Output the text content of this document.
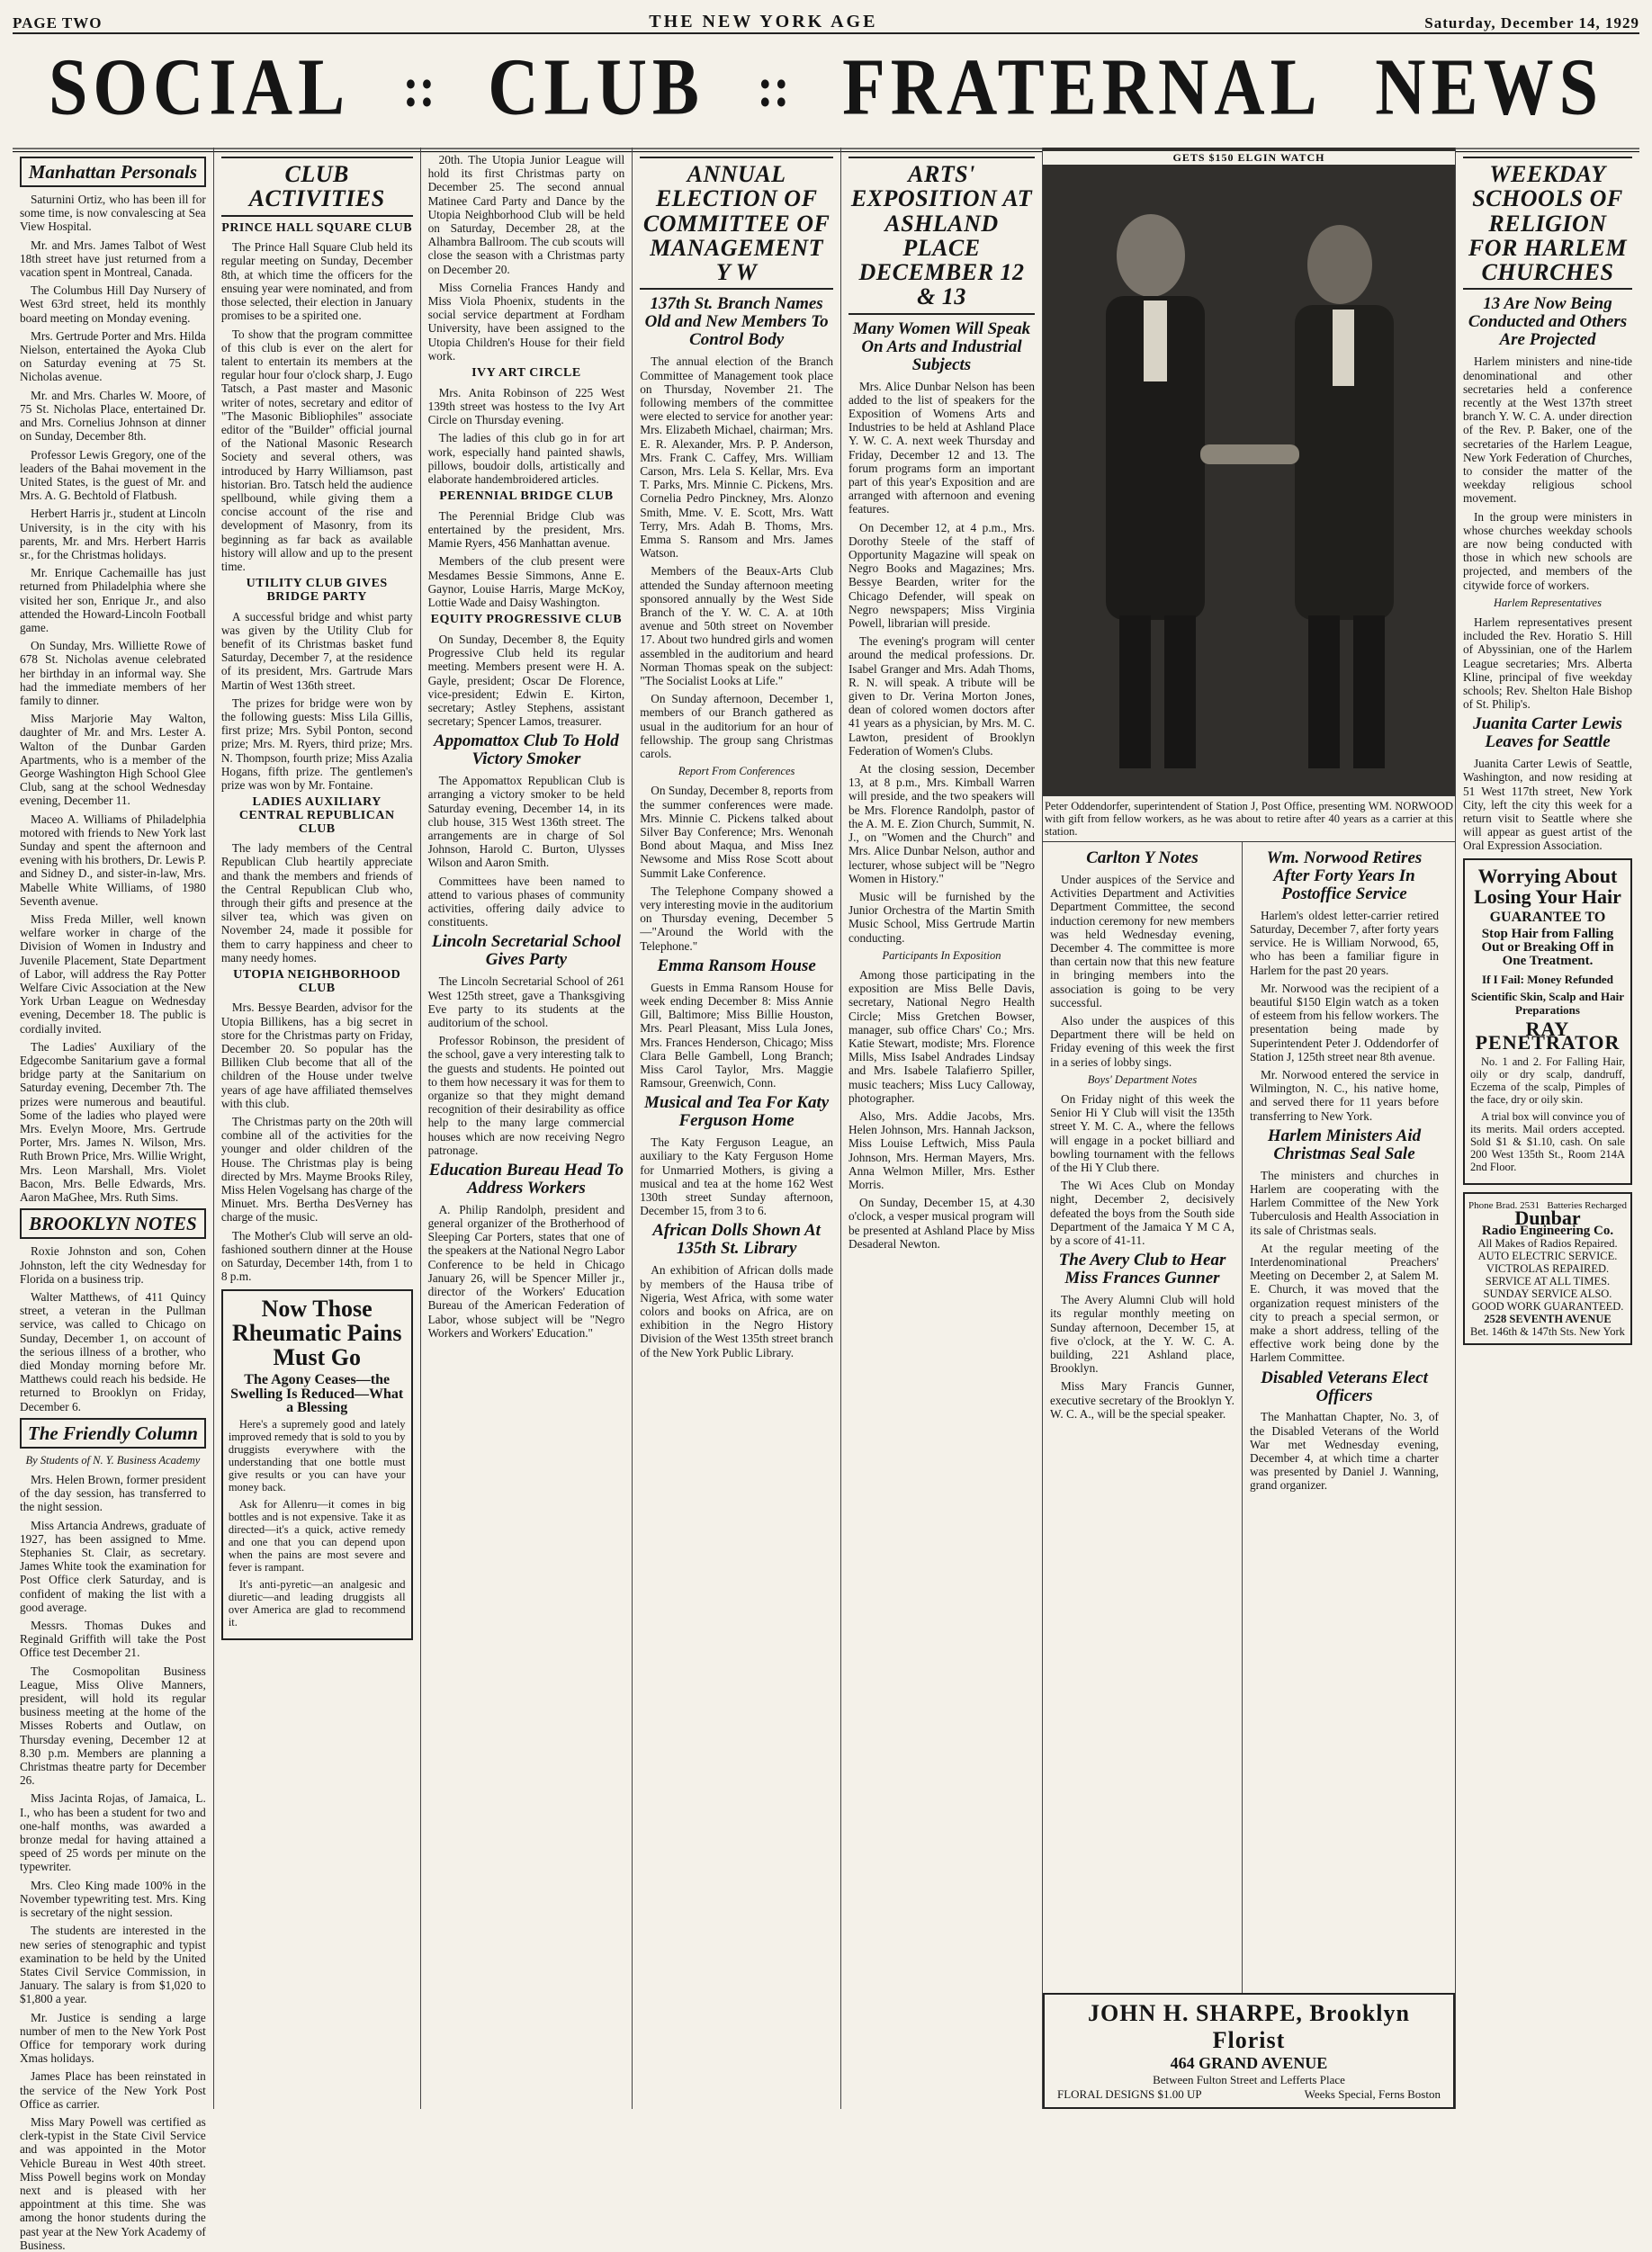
PAGE TWO	THE NEW YORK AGE	Saturday, December 14, 1929
SOCIAL :: CLUB :: FRATERNAL NEWS
Manhattan Personals

Saturnini Ortiz, who has been ill for some time, is now convalescing at Sea View Hospital.

Mr. and Mrs. James Talbot of West 18th street have just returned from a vacation spent in Montreal, Canada.

The Columbus Hill Day Nursery of West 63rd street, held its monthly board meeting on Monday evening.

Mrs. Gertrude Porter and Mrs. Hilda Nielson, entertained the Ayoka Club on Saturday evening at 75 St. Nicholas avenue.

Mr. and Mrs. Charles W. Moore, of 75 St. Nicholas Place, entertained Dr. and Mrs. Cornelius Johnson at dinner on Sunday, December 8th.

Professor Lewis Gregory, one of the leaders of the Bahai movement in the United States, is the guest of Mr. and Mrs. A. G. Bechtold of Flatbush.

Herbert Harris jr., student at Lincoln University, is in the city with his parents, Mr. and Mrs. Herbert Harris sr., for the Christmas holidays.

Mr. Enrique Cachemaille has just returned from Philadelphia where she visited her son, Enrique Jr., and also attended the Howard-Lincoln Football game.

On Sunday, Mrs. Williette Rowe of 678 St. Nicholas avenue celebrated her birthday in an informal way. She had the immediate members of her family to dinner.

Miss Marjorie May Walton, daughter of Mr. and Mrs. Lester A. Walton of the Dunbar Garden Apartments, who is a member of the George Washington High School Glee Club, sang at the school Wednesday evening, December 11.

Maceo A. Williams of Philadelphia motored with friends to New York last Sunday and spent the afternoon and evening with his brothers, Dr. Lewis P. and Sidney D., and sister-in-law, Mrs. Mabelle White Williams, of 1980 Seventh avenue.

Miss Freda Miller, well known welfare worker in charge of the Division of Women in Industry and Juvenile Placement, State Department of Labor, will address the Ray Potter Welfare Civic Association at the New York Urban League on Wednesday evening, December 18. The public is cordially invited.

The Ladies' Auxiliary of the Edgecombe Sanitarium gave a formal bridge party at the Sanitarium on Saturday evening, December 7th. The prizes were numerous and beautiful. Some of the ladies who played were Mrs. Evelyn Moore, Mrs. Gertrude Porter, Mrs. James N. Wilson, Mrs. Ruth Brown Price, Mrs. Willie Wright, Mrs. Leon Marshall, Mrs. Violet Bacon, Mrs. Belle Edwards, Mrs. Aaron MaGhee, Mrs. Ruth Sims.

BROOKLYN NOTES

Roxie Johnston and son, Cohen Johnston, left the city Wednesday for Florida on a business trip.

Walter Matthews, of 411 Quincy street, a veteran in the Pullman service, was called to Chicago on Sunday, December 1, on account of the serious illness of a brother, who died Monday morning before Mr. Matthews could reach his bedside. He returned to Brooklyn on Friday, December 6.

The Friendly Column
By Students of N. Y. Business Academy

Mrs. Helen Brown, former president of the day session, has transferred to the night session.

Miss Artancia Andrews, graduate of 1927, has been assigned to Mme. Stephanies St. Clair, as secretary. James White took the examination for Post Office clerk Saturday, and is confident of making the list with a good average.

Messrs. Thomas Dukes and Reginald Griffith will take the Post Office test December 21.

The Cosmopolitan Business League, Miss Olive Manners, president, will hold its regular business meeting at the home of the Misses Roberts and Outlaw, on Thursday evening, December 12 at 8.30 p.m. Members are planning a Christmas theatre party for December 26.

Miss Jacinta Rojas, of Jamaica, L. I., who has been a student for two and one-half months, was awarded a bronze medal for having attained a speed of 25 words per minute on the typewriter.

Mrs. Cleo King made 100% in the November typewriting test. Mrs. King is secretary of the night session.

The students are interested in the new series of stenographic and typist examination to be held by the United States Civil Service Commission, in January. The salary is from $1,020 to $1,800 a year.

Mr. Justice is sending a large number of men to the New York Post Office for temporary work during Xmas holidays.

James Place has been reinstated in the service of the New York Post Office as carrier.

Miss Mary Powell was certified as clerk-typist in the State Civil Service and was appointed in the Motor Vehicle Bureau in West 40th street. Miss Powell begins work on Monday next and is pleased with her appointment at this time. She was among the honor students during the past year at the New York Academy of Business.

CLUB ACTIVITIES
PRINCE HALL SQUARE CLUB

The Prince Hall Square Club held its regular meeting on Sunday, December 8th, at which time the officers for the ensuing year were nominated, and from those selected, their election in January promises to be a spirited one.

To show that the program committee of this club is ever on the alert for talent to entertain its members at the regular hour four o'clock sharp, J. Eugo Tatsch, a Past master and Masonic writer of notes, secretary and editor of "The Masonic Bibliophiles" associate editor of the "Builder" official journal of the National Masonic Research Society and several others, was introduced by Harry Williamson, past historian. Bro. Tatsch held the audience spellbound, while giving them a concise account of the rise and development of Masonry, from its beginning as far back as available history will allow and up to the present time.

UTILITY CLUB GIVES BRIDGE PARTY

A successful bridge and whist party was given by the Utility Club for benefit of its Christmas basket fund Saturday, December 7, at the residence of its president, Mrs. Gartrude Mars Martin of West 136th street.

The prizes for bridge were won by the following guests: Miss Lila Gillis, first prize; Mrs. Sybil Ponton, second prize; Mrs. M. Ryers, third prize; Mrs. N. Thompson, fourth prize; Miss Azalia Hogans, fifth prize. The gentlemen's prize was won by Mr. Fontaine.

LADIES AUXILIARY CENTRAL REPUBLICAN CLUB

The lady members of the Central Republican Club heartily appreciate and thank the members and friends of the Central Republican Club who, through their gifts and presence at the silver tea, which was given on November 24, made it possible for them to carry happiness and cheer to many needy homes.

UTOPIA NEIGHBORHOOD CLUB

Mrs. Bessye Bearden, advisor for the Utopia Billikens, has a big secret in store for the Christmas party on Friday, December 20. So popular has the Billiken Club become that all of the children of the House under twelve years of age have affiliated themselves with this club.

The Christmas party on the 20th will combine all of the activities for the younger and older children of the House. The Christmas play is being directed by Mrs. Mayme Brooks Riley, Miss Helen Vogelsang has charge of the Minuet. Mrs. Bertha DesVerney has charge of the music.

The Mother's Club will serve an old-fashioned southern dinner at the House on Saturday, December 14th, from 1 to 8 p.m.

Now Those
Rheumatic Pains Must Go
The Agony Ceases—the Swelling Is Reduced—What a Blessing

Here's a supremely good and lately improved remedy that is sold to you by druggists everywhere with the understanding that one bottle must give results or you can have your money back.

Ask for Allenru—it comes in big bottles and is not expensive. Take it as directed—it's a quick, active remedy and one that you can depend upon when the pains are most severe and fever is rampant.

It's anti-pyretic—an analgesic and diuretic—and leading druggists all over America are glad to recommend it.

20th. The Utopia Junior League will hold its first Christmas party on December 25. The second annual Matinee Card Party and Dance by the Utopia Neighborhood Club will be held on Saturday, December 28, at the Alhambra Ballroom. The cub scouts will close the season with a Christmas party on December 20.

Miss Cornelia Frances Handy and Miss Viola Phoenix, students in the social service department at Fordham University, have been assigned to the Utopia Children's House for their field work.

IVY ART CIRCLE

Mrs. Anita Robinson of 225 West 139th street was hostess to the Ivy Art Circle on Thursday evening.

The ladies of this club go in for art work, especially hand painted shawls, pillows, boudoir dolls, artistically and elaborate handembroidered articles.

PERENNIAL BRIDGE CLUB

The Perennial Bridge Club was entertained by the president, Mrs. Mamie Ryers, 456 Manhattan avenue.

Members of the club present were Mesdames Bessie Simmons, Anne E. Gaynor, Louise Harris, Marge McKoy, Lottie Wade and Daisy Washington.

EQUITY PROGRESSIVE CLUB

On Sunday, December 8, the Equity Progressive Club held its regular meeting. Members present were H. A. Gayle, president; Oscar De Florence, vice-president; Edwin E. Kirton, secretary; Astley Stephens, assistant secretary; Spencer Lamos, treasurer.

Appomattox Club To Hold Victory Smoker

The Appomattox Republican Club is arranging a victory smoker to be held Saturday evening, December 14, in its club house, 315 West 136th street. The arrangements are in charge of Sol Johnson, Harold C. Burton, Ulysses Wilson and Aaron Smith.

Committees have been named to attend to various phases of community activities, offering daily advice to constituents.

Lincoln Secretarial School Gives Party

The Lincoln Secretarial School of 261 West 125th street, gave a Thanksgiving Eve party to its students at the auditorium of the school.

Professor Robinson, the president of the school, gave a very interesting talk to the guests and students. He pointed out to them how necessary it was for them to organize so that they might demand recognition of their desirability as office help to the many large commercial houses which are now receiving Negro patronage.

Education Bureau Head To Address Workers

A. Philip Randolph, president and general organizer of the Brotherhood of Sleeping Car Porters, states that one of the speakers at the National Negro Labor Conference to be held in Chicago January 26, will be Spencer Miller jr., director of the Workers' Education Bureau of the American Federation of Labor, whose subject will be "Negro Workers and Workers' Education."

ANNUAL ELECTION OF COMMITTEE OF MANAGEMENT Y W
137th St. Branch Names Old and New Members To Control Body

The annual election of the Branch Committee of Management took place on Thursday, November 21. The following members of the committee were elected to service for another year: Mrs. Elizabeth Michael, chairman; Mrs. E. R. Alexander, Mrs. P. P. Anderson, Mrs. Frank C. Caffey, Mrs. William Carson, Mrs. Lela S. Kellar, Mrs. Eva T. Parks, Mrs. Minnie C. Pickens, Mrs. Cornelia Pedro Pinckney, Mrs. Alonzo Smith, Mme. V. E. Scott, Mrs. Watt Terry, Mrs. Adah B. Thoms, Mrs. Emma S. Ransom and Mrs. James Watson.

Members of the Beaux-Arts Club attended the Sunday afternoon meeting sponsored annually by the West Side Branch of the Y. W. C. A. at 10th avenue and 50th street on November 17. About two hundred girls and women assembled in the auditorium and heard Norman Thomas speak on the subject: "The Socialist Looks at Life."

On Sunday afternoon, December 1, members of our Branch gathered as usual in the auditorium for an hour of fellowship. The group sang Christmas carols.

Report From Conferences

On Sunday, December 8, reports from the summer conferences were made. Mrs. Minnie C. Pickens talked about Silver Bay Conference; Mrs. Wenonah Bond about Maqua, and Miss Inez Newsome and Miss Rose Scott about Summit Lake Conference.

The Telephone Company showed a very interesting movie in the auditorium on Thursday evening, December 5—"Around the World with the Telephone."

Emma Ransom House

Guests in Emma Ransom House for week ending December 8: Miss Annie Gill, Baltimore; Miss Billie Houston, Mrs. Pearl Pleasant, Miss Lula Jones, Mrs. Frances Henderson, Chicago; Miss Clara Belle Gambell, Long Branch; Miss Carol Taylor, Mrs. Maggie Ramsour, Greenwich, Conn.

Musical and Tea For Katy Ferguson Home

The Katy Ferguson League, an auxiliary to the Katy Ferguson Home for Unmarried Mothers, is giving a musical and tea at the home 162 West 130th street Sunday afternoon, December 15, from 3 to 6.

African Dolls Shown At 135th St. Library

An exhibition of African dolls made by members of the Hausa tribe of Nigeria, West Africa, with some water colors and books on Africa, are on exhibition in the Negro History Division of the West 135th street branch of the New York Public Library.

ARTS' EXPOSITION AT ASHLAND PLACE DECEMBER 12 & 13
Many Women Will Speak On Arts and Industrial Subjects

Mrs. Alice Dunbar Nelson has been added to the list of speakers for the Exposition of Womens Arts and Industries to be held at Ashland Place Y. W. C. A. next week Thursday and Friday, December 12 and 13. The forum programs form an important part of this year's Exposition and are arranged with afternoon and evening features.

On December 12, at 4 p.m., Mrs. Dorothy Steele of the staff of Opportunity Magazine will speak on Negro Books and Magazines; Mrs. Bessye Bearden, writer for the Chicago Defender, will speak on Negro newspapers; Miss Virginia Powell, librarian will preside.

The evening's program will center around the medical professions. Dr. Isabel Granger and Mrs. Adah Thoms, R. N. will speak. A tribute will be given to Dr. Verina Morton Jones, dean of colored women doctors after 41 years as a physician, by Mrs. M. C. Lawton, president of Brooklyn Federation of Women's Clubs.

At the closing session, December 13, at 8 p.m., Mrs. Kimball Warren will preside, and the two speakers will be Mrs. Florence Randolph, pastor of the A. M. E. Zion Church, Summit, N. J., on "Women and the Church" and Mrs. Alice Dunbar Nelson, author and lecturer, whose subject will be "Negro Women in History."

Music will be furnished by the Junior Orchestra of the Martin Smith Music School, Miss Gertrude Martin conducting.

Participants In Exposition

Among those participating in the exposition are Miss Belle Davis, secretary, National Negro Health Circle; Miss Gretchen Bowser, manager, sub office Chars' Co.; Mrs. Katie Stewart, modiste; Mrs. Florence Mills, Miss Isabel Andrades Lindsay and Mrs. Isabele Talafierro Spiller, music teachers; Miss Lucy Calloway, photographer.

Also, Mrs. Addie Jacobs, Mrs. Helen Johnson, Mrs. Hannah Jackson, Miss Louise Leftwich, Miss Paula Johnson, Mrs. Herman Mayers, Mrs. Anna Welmon Miller, Mrs. Esther Morris.

On Sunday, December 15, at 4.30 o'clock, a vesper musical program will be presented at Ashland Place by Miss Desaderal Newton.

GETS $150 ELGIN WATCH
Peter Oddendorfer, superintendent of Station J, Post Office, presenting WM. NORWOOD with gift from fellow workers, as he was about to retire after 40 years as a carrier at this station.
Carlton Y Notes

Under auspices of the Service and Activities Department and Activities Department Committee, the second induction ceremony for new members was held Wednesday evening, December 4. The committee is more than certain now that this new feature in bringing members into the association is going to be very successful.

Also under the auspices of this Department there will be held on Friday evening of this week the first in a series of lobby sings.

Boys' Department Notes

On Friday night of this week the Senior Hi Y Club will visit the 135th street Y. M. C. A., where the fellows will engage in a pocket billiard and bowling tournament with the fellows of the Hi Y Club there.

The Wi Aces Club on Monday night, December 2, decisively defeated the boys from the South side Department of the Jamaica Y M C A, by a score of 41-11.

The Avery Club to Hear Miss Frances Gunner

The Avery Alumni Club will hold its regular monthly meeting on Sunday afternoon, December 15, at five o'clock, at the Y. W. C. A. building, 221 Ashland place, Brooklyn.

Miss Mary Francis Gunner, executive secretary of the Brooklyn Y. W. C. A., will be the special speaker.

Wm. Norwood Retires After Forty Years In Postoffice Service

Harlem's oldest letter-carrier retired Saturday, December 7, after forty years service. He is William Norwood, 65, who has been a familiar figure in Harlem for the past 20 years.

Mr. Norwood was the recipient of a beautiful $150 Elgin watch as a token of esteem from his fellow workers. The presentation being made by Superintendent Peter J. Oddendorfer of Station J, 125th street near 8th avenue.

Mr. Norwood entered the service in Wilmington, N. C., his native home, and served there for 11 years before transferring to New York.

Harlem Ministers Aid Christmas Seal Sale

The ministers and churches in Harlem are cooperating with the Harlem Committee of the New York Tuberculosis and Health Association in its sale of Christmas seals.

At the regular meeting of the Interdenominational Preachers' Meeting on December 2, at Salem M. E. Church, it was moved that the organization request ministers of the city to preach a special sermon, or make a short address, telling of the effective work being done by the Harlem Committee.

Disabled Veterans Elect Officers

The Manhattan Chapter, No. 3, of the Disabled Veterans of the World War met Wednesday evening, December 4, at which time a charter was presented by Daniel J. Wanning, grand organizer.

JOHN H. SHARPE, Brooklyn Florist
464 GRAND AVENUE
Between Fulton Street and Lefferts Place
FLORAL DESIGNS $1.00 UP	Weeks Special, Ferns Boston
WEEKDAY SCHOOLS OF RELIGION FOR HARLEM CHURCHES
13 Are Now Being Conducted and Others Are Projected

Harlem ministers and nine-tide denominational and other secretaries held a conference recently at the West 137th street branch Y. W. C. A. under direction of the Rev. P. Baker, one of the secretaries of the Harlem League, New York Federation of Churches, to consider the matter of the weekday religious school movement.

In the group were ministers in whose churches weekday schools are now being conducted with those in which new schools are projected, and members of the citywide force of workers.

Harlem Representatives

Harlem representatives present included the Rev. Horatio S. Hill of Abyssinian, one of the Harlem League secretaries; Mrs. Alberta Kline, principal of five weekday schools; Rev. Shelton Hale Bishop of St. Philip's.

Juanita Carter Lewis Leaves for Seattle

Juanita Carter Lewis of Seattle, Washington, and now residing at 51 West 117th street, New York City, left the city this week for a return visit to Seattle where she will appear as guest artist of the Oral Expression Association.

Worrying About Losing Your Hair
GUARANTEE TO
Stop Hair from Falling Out or Breaking Off in One Treatment.
If I Fail: Money Refunded
Scientific Skin, Scalp and Hair Preparations
RAY PENETRATOR

No. 1 and 2. For Falling Hair, oily or dry scalp, dandruff, Eczema of the scalp, Pimples of the face, dry or oily skin.

A trial box will convince you of its merits. Mail orders accepted. Sold $1 & $1.10, cash. On sale 200 West 135th St., Room 214A 2nd Floor.

Phone Brad. 2531 Batteries Recharged
Dunbar
Radio Engineering Co.
All Makes of Radios Repaired. AUTO ELECTRIC SERVICE. VICTROLAS REPAIRED. SERVICE AT ALL TIMES. SUNDAY SERVICE ALSO. GOOD WORK GUARANTEED.
2528 SEVENTH AVENUE
Bet. 146th & 147th Sts. New York
